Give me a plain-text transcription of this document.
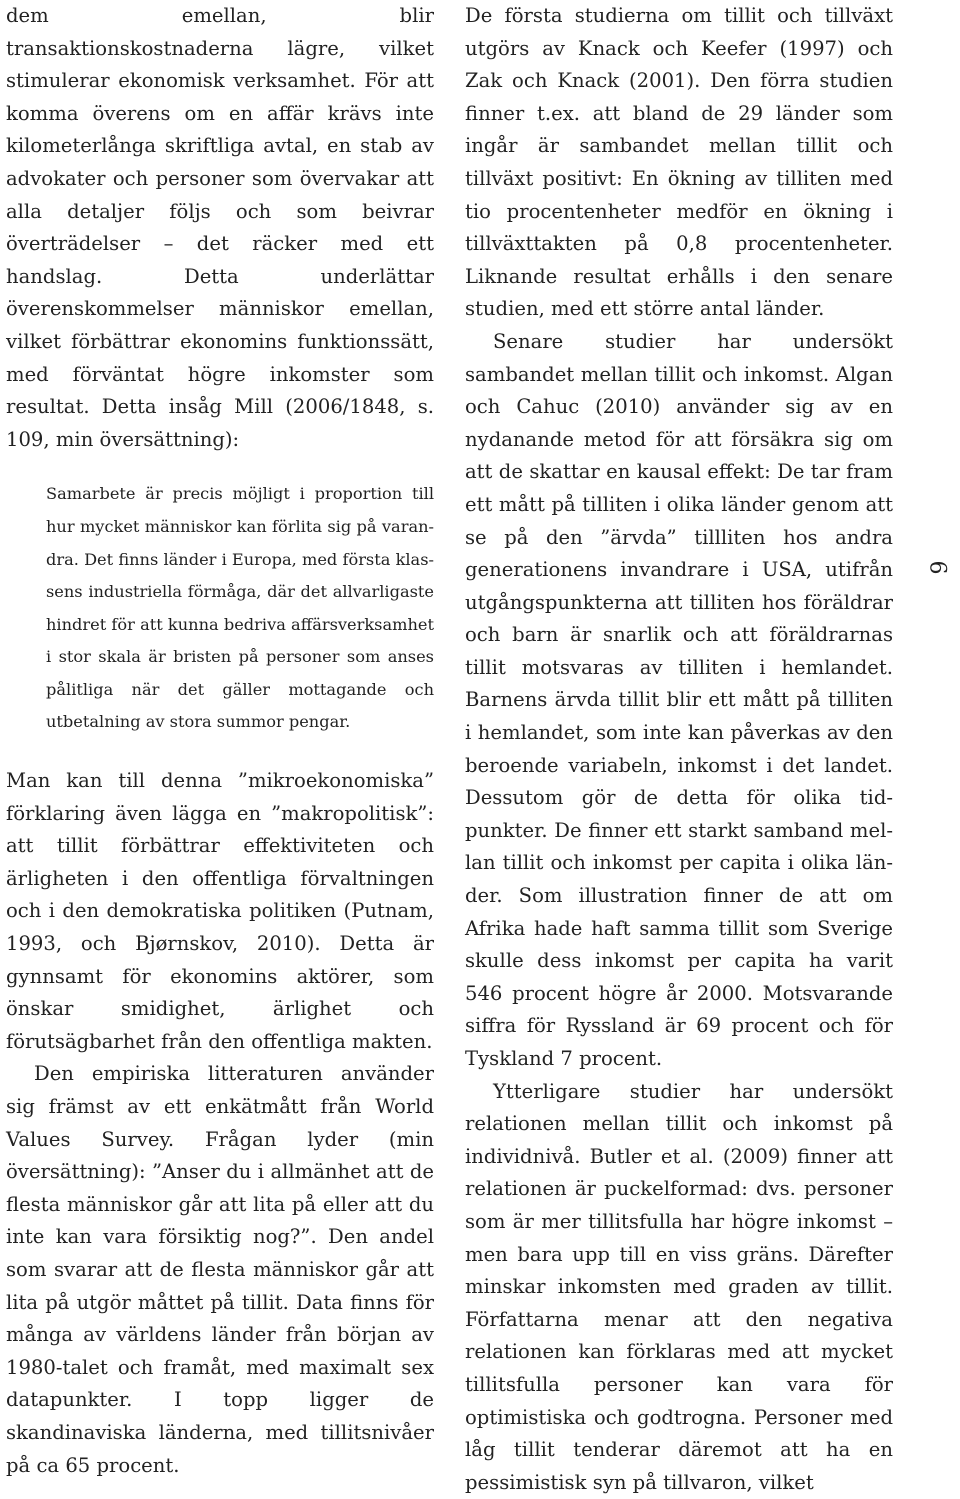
dem emellan, blir transaktionskostnaderna lägre, vilket stimulerar ekonomisk verksamhet. För att komma överens om en affär krävs inte kilometerlånga skriftliga avtal, en stab av advokater och personer som övervakar att alla detaljer följs och som beivrar överträdelser – det räcker med ett handslag. Detta underlättar överenskommelser människor emellan, vilket förbättrar ekonomins funktionssätt, med förväntat högre inkomster som resultat. Detta insåg Mill (2006/1848, s. 109, min översättning):

Samarbete är precis möjligt i proportion till hur mycket människor kan förlita sig på varandra. Det finns länder i Europa, med första klassens industriella förmåga, där det allvarligaste hindret för att kunna bedriva affärsverksamhet i stor skala är bristen på personer som anses pålitliga när det gäller mottagande och utbetalning av stora summor pengar.

Man kan till denna ”mikroekonomiska” förklaring även lägga en ”makropolitisk”: att tillit förbättrar effektiviteten och ärligheten i den offentliga förvaltningen och i den demokratiska politiken (Putnam, 1993, och Bjørnskov, 2010). Detta är gynnsamt för ekonomins aktörer, som önskar smidighet, ärlighet och förutsägbarhet från den offentliga makten.

Den empiriska litteraturen använder sig främst av ett enkätmått från World Values Survey. Frågan lyder (min översättning): ”Anser du i allmänhet att de flesta människor går att lita på eller att du inte kan vara försiktig nog?”. Den andel som svarar att de flesta människor går att lita på utgör måttet på tillit. Data finns för många av världens länder från början av 1980-talet och framåt, med maximalt sex datapunkter. I topp ligger de skandinaviska länderna, med tillitsnivåer på ca 65 procent.

De första studierna om tillit och tillväxt utgörs av Knack och Keefer (1997) och Zak och Knack (2001). Den förra studien finner t.ex. att bland de 29 länder som ingår är sambandet mellan tillit och tillväxt positivt: En ökning av tilliten med tio procentenheter medför en ökning i tillväxttakten på 0,8 procentenheter. Liknande resultat erhålls i den senare studien, med ett större antal länder.

Senare studier har undersökt sambandet mellan tillit och inkomst. Algan och Cahuc (2010) använder sig av en nydanande metod för att försäkra sig om att de skattar en kausal effekt: De tar fram ett mått på tilliten i olika länder genom att se på den ”ärvda” tillliten hos andra generationens invandrare i USA, utifrån utgångspunkterna att tilliten hos föräldrar och barn är snarlik och att föräldrarnas tillit motsvaras av tilliten i hemlandet. Barnens ärvda tillit blir ett mått på tilliten i hemlandet, som inte kan påverkas av den beroende variabeln, inkomst i det landet. Dessutom gör de detta för olika tidpunkter. De finner ett starkt samband mellan tillit och inkomst per capita i olika länder. Som illustration finner de att om Afrika hade haft samma tillit som Sverige skulle dess inkomst per capita ha varit 546 procent högre år 2000. Motsvarande siffra för Ryssland är 69 procent och för Tyskland 7 procent.

Ytterligare studier har undersökt relationen mellan tillit och inkomst på individnivå. Butler et al. (2009) finner att relationen är puckelformad: dvs. personer som är mer tillitsfulla har högre inkomst – men bara upp till en viss gräns. Därefter minskar inkomsten med graden av tillit. Författarna menar att den negativa relationen kan förklaras med att mycket tillitsfulla personer kan vara för optimistiska och godtrogna. Personer med låg tillit tenderar däremot att ha en pessimistisk syn på tillvaron, vilket

6
